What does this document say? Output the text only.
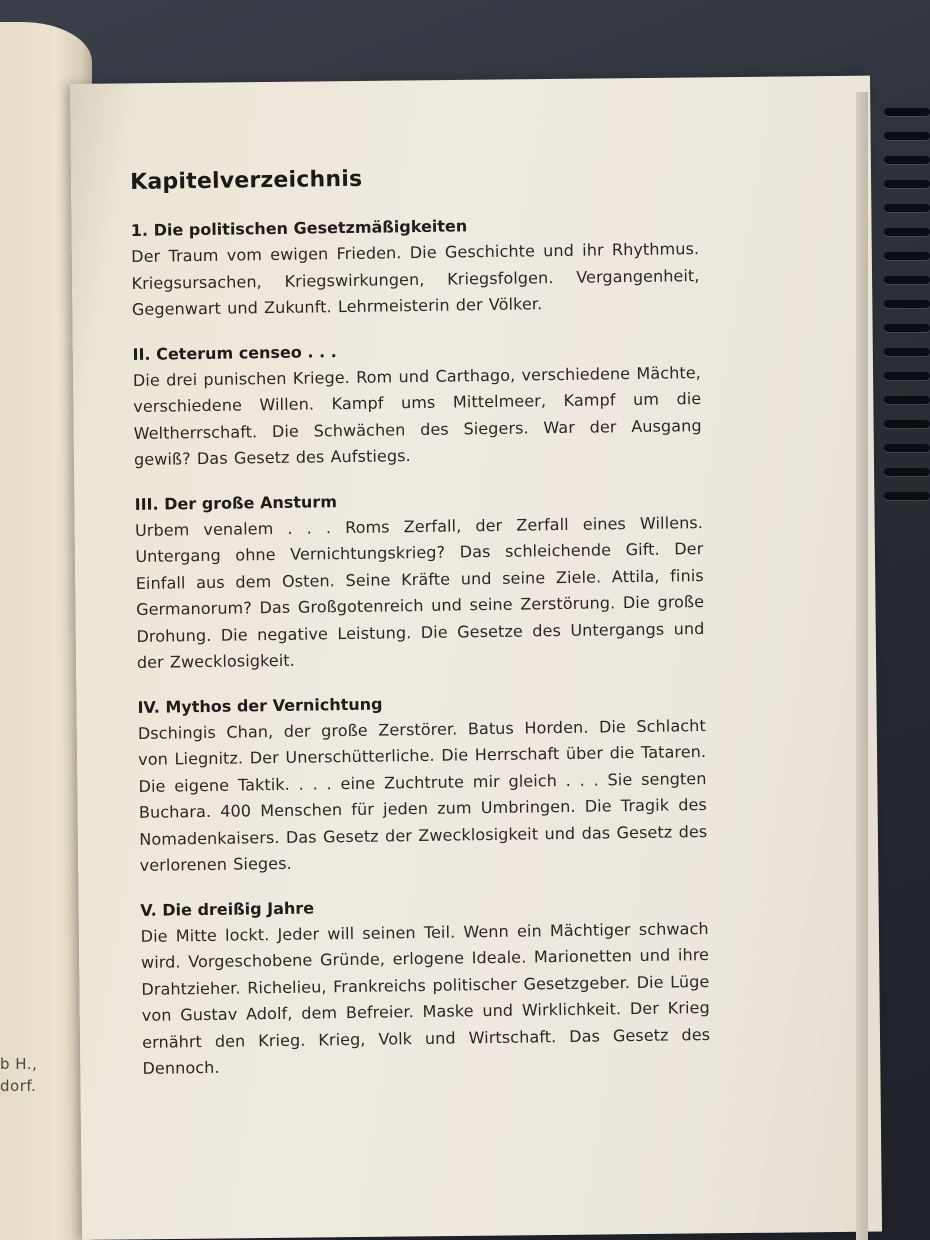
b H.,
dorf.
Kapitelverzeichnis
1. Die politischen Gesetzmäßigkeiten
Der Traum vom ewigen Frieden. Die Geschichte und ihr Rhythmus. Kriegsursachen, Kriegswirkungen, Kriegsfolgen. Vergangenheit, Gegenwart und Zukunft. Lehrmeisterin der Völker.
II. Ceterum censeo . . .
Die drei punischen Kriege. Rom und Carthago, verschiedene Mächte, verschiedene Willen. Kampf ums Mittelmeer, Kampf um die Weltherrschaft. Die Schwächen des Siegers. War der Ausgang gewiß? Das Gesetz des Aufstiegs.
III. Der große Ansturm
Urbem venalem . . . Roms Zerfall, der Zerfall eines Willens. Untergang ohne Vernichtungskrieg? Das schleichende Gift. Der Einfall aus dem Osten. Seine Kräfte und seine Ziele. Attila, finis Germanorum? Das Großgotenreich und seine Zerstörung. Die große Drohung. Die negative Leistung. Die Gesetze des Untergangs und der Zwecklosigkeit.
IV. Mythos der Vernichtung
Dschingis Chan, der große Zerstörer. Batus Horden. Die Schlacht von Liegnitz. Der Unerschütterliche. Die Herrschaft über die Tataren. Die eigene Taktik. . . . eine Zuchtrute mir gleich . . . Sie sengten Buchara. 400 Menschen für jeden zum Umbringen. Die Tragik des Nomadenkaisers. Das Gesetz der Zwecklosigkeit und das Gesetz des verlorenen Sieges.
V. Die dreißig Jahre
Die Mitte lockt. Jeder will seinen Teil. Wenn ein Mächtiger schwach wird. Vorgeschobene Gründe, erlogene Ideale. Marionetten und ihre Drahtzieher. Richelieu, Frankreichs politischer Gesetzgeber. Die Lüge von Gustav Adolf, dem Befreier. Maske und Wirklichkeit. Der Krieg ernährt den Krieg. Krieg, Volk und Wirtschaft. Das Gesetz des Dennoch.
